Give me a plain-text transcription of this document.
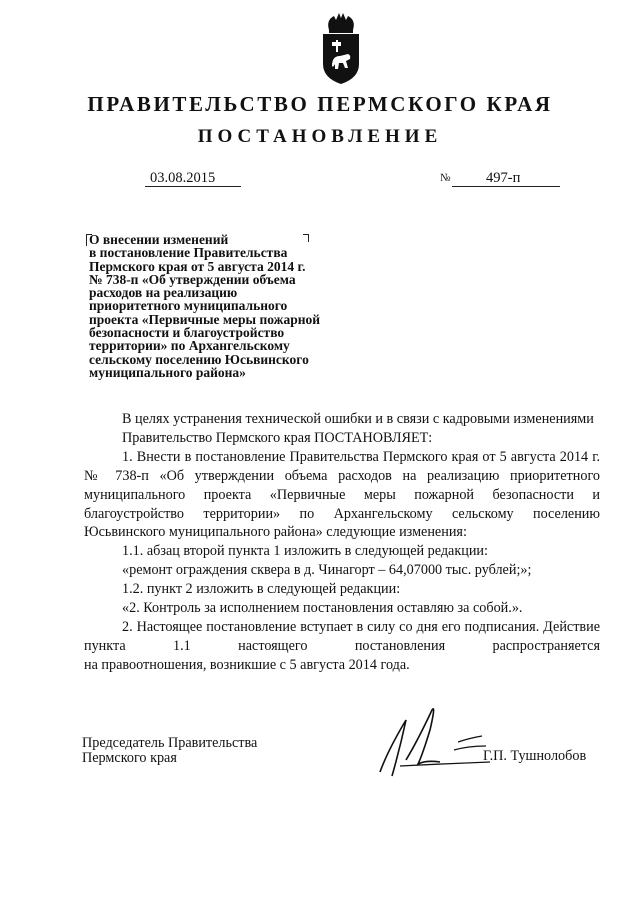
ПРАВИТЕЛЬСТВО ПЕРМСКОГО КРАЯ
ПОСТАНОВЛЕНИЕ
03.08.2015	№ 497-п
О внесении изменений
в постановление Правительства
Пермского края от 5 августа 2014 г.
№ 738-п «Об утверждении объема
расходов на реализацию
приоритетного муниципального
проекта «Первичные меры пожарной
безопасности и благоустройство
территории» по Архангельскому
сельскому поселению Юсьвинского
муниципального района»

В целях устранения технической ошибки и в связи с кадровыми изменениями

Правительство Пермского края ПОСТАНОВЛЯЕТ:

1. Внести в постановление Правительства Пермского края от 5 августа 2014 г. № 738-п «Об утверждении объема расходов на реализацию приоритетного муниципального проекта «Первичные меры пожарной безопасности и благоустройство территории» по Архангельскому сельскому поселению Юсьвинского муниципального района» следующие изменения:

1.1. абзац второй пункта 1 изложить в следующей редакции:

«ремонт ограждения сквера в д. Чинагорт – 64,07000 тыс. рублей;»;

1.2. пункт 2 изложить в следующей редакции:

«2. Контроль за исполнением постановления оставляю за собой.».

2. Настоящее постановление вступает в силу со дня его подписания. Действие пункта 1.1 настоящего постановления распространяется

на правоотношения, возникшие с 5 августа 2014 года.

Председатель Правительства
Пермского края	Г.П. Тушнолобов
